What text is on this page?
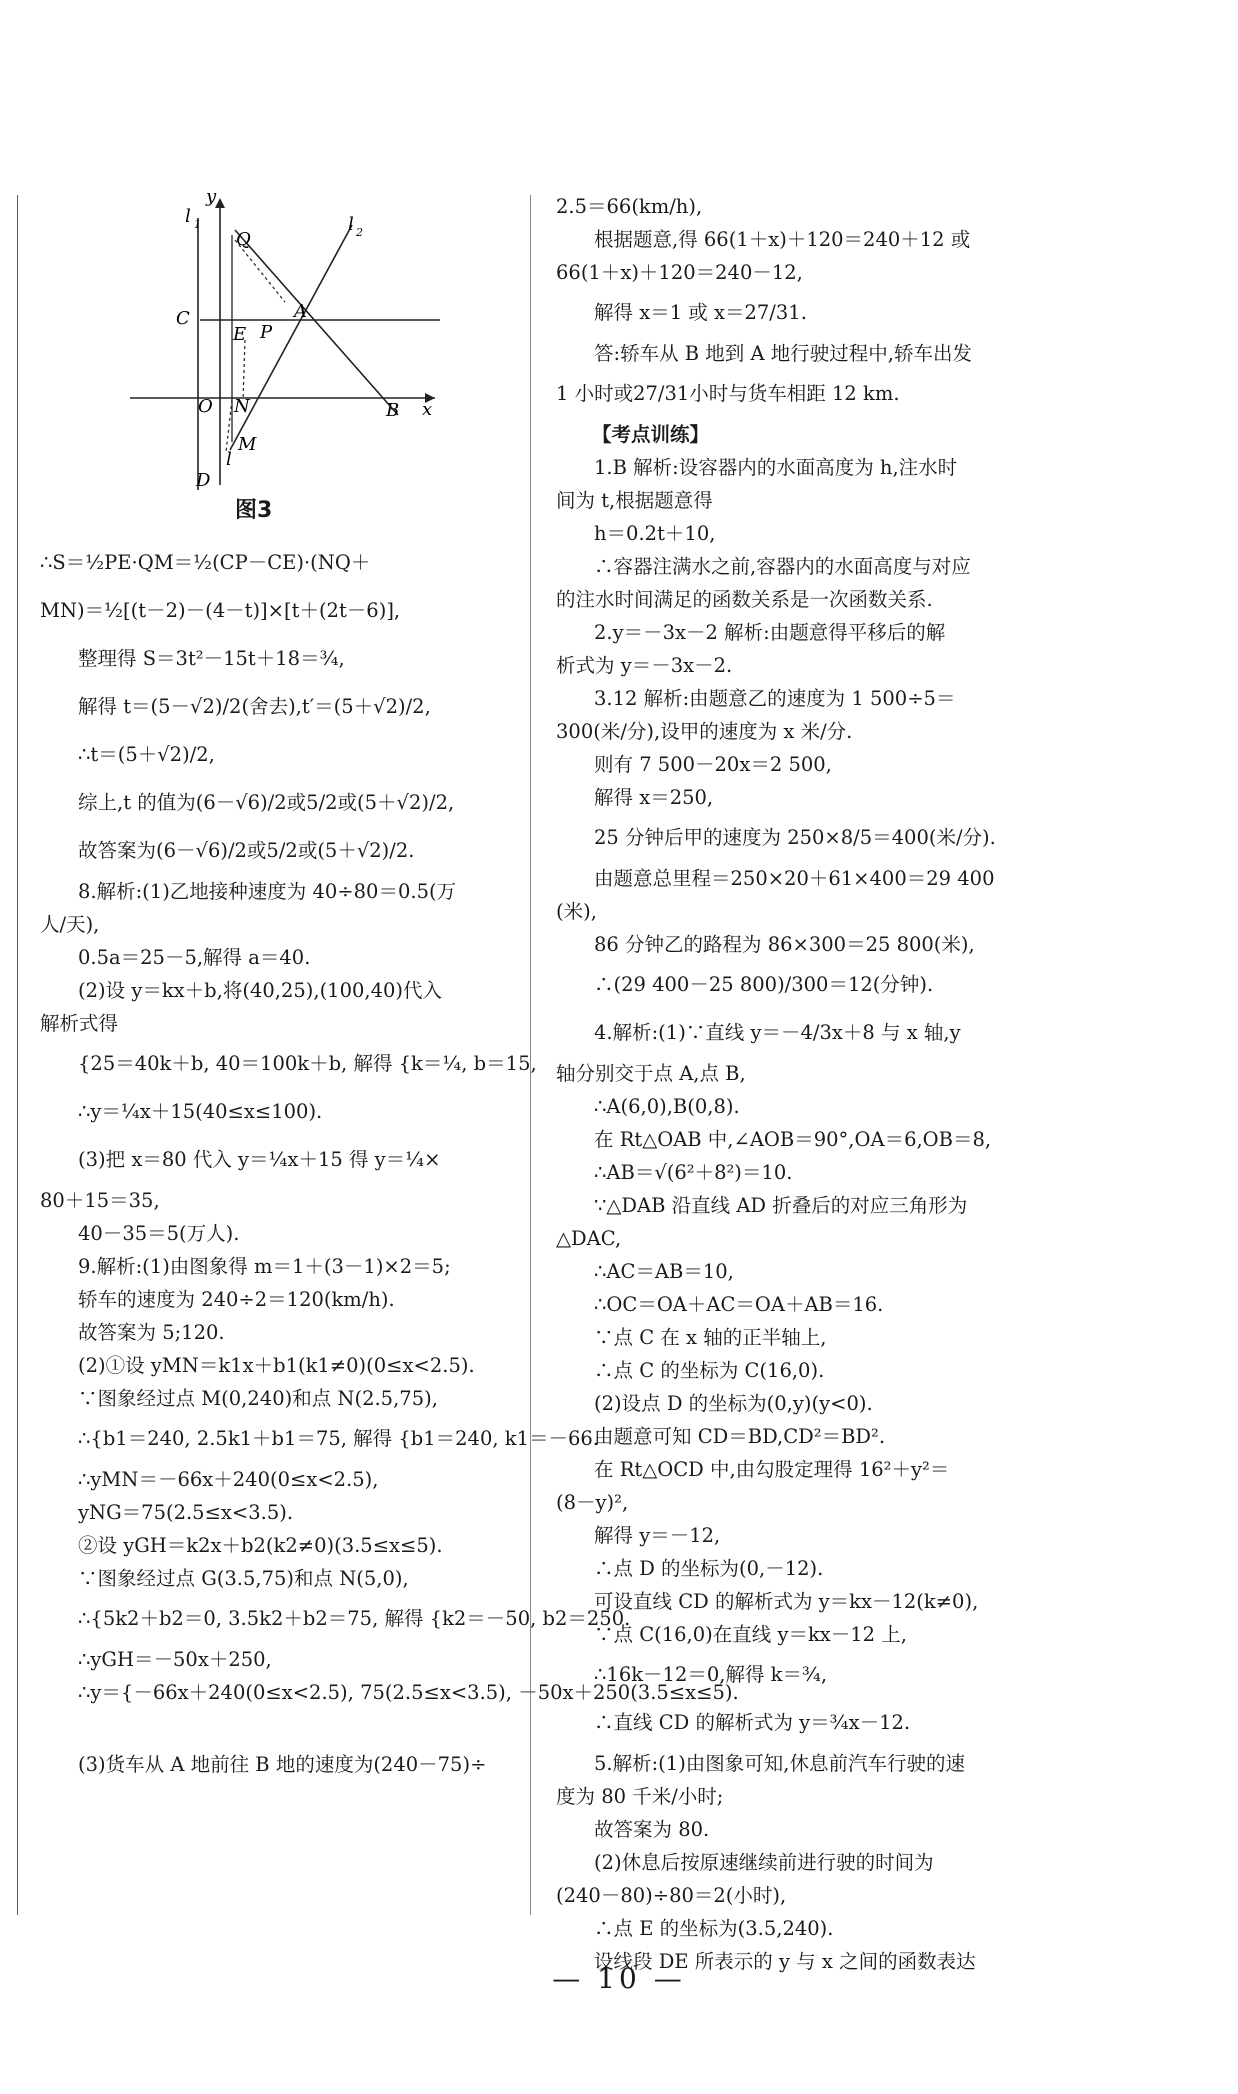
y
l 1	l 2
Q
C
E P
A
O N	B x
M
l
D
图3
∴S＝½PE·QM＝½(CP－CE)·(NQ＋
MN)＝½[(t－2)－(4－t)]×[t＋(2t－6)],
整理得 S＝3t²－15t＋18＝¾,
解得 t＝(5－√2)/2(舍去),t′＝(5＋√2)/2,
∴t＝(5＋√2)/2,
综上,t 的值为(6－√6)/2或5/2或(5＋√2)/2,
故答案为(6－√6)/2或5/2或(5＋√2)/2.
8.解析:(1)乙地接种速度为 40÷80＝0.5(万
人/天),
0.5a＝25－5,解得 a＝40.
(2)设 y＝kx＋b,将(40,25),(100,40)代入
解析式得
{25＝40k＋b, 40＝100k＋b, 解得 {k＝¼, b＝15,
∴y＝¼x＋15(40≤x≤100).
(3)把 x＝80 代入 y＝¼x＋15 得 y＝¼×
80＋15＝35,
40－35＝5(万人).
9.解析:(1)由图象得 m＝1＋(3－1)×2＝5;
轿车的速度为 240÷2＝120(km/h).
故答案为 5;120.
(2)①设 yMN＝k1x＋b1(k1≠0)(0≤x<2.5).
∵图象经过点 M(0,240)和点 N(2.5,75),
∴{b1＝240, 2.5k1＋b1＝75, 解得 {b1＝240, k1＝－66.
∴yMN＝－66x＋240(0≤x<2.5),
yNG＝75(2.5≤x<3.5).
②设 yGH＝k2x＋b2(k2≠0)(3.5≤x≤5).
∵图象经过点 G(3.5,75)和点 N(5,0),
∴{5k2＋b2＝0, 3.5k2＋b2＝75, 解得 {k2＝－50, b2＝250.
∴yGH＝－50x＋250,
∴y＝{－66x＋240(0≤x<2.5), 75(2.5≤x<3.5), －50x＋250(3.5≤x≤5).
(3)货车从 A 地前往 B 地的速度为(240－75)÷
2.5＝66(km/h),
根据题意,得 66(1＋x)＋120＝240＋12 或
66(1＋x)＋120＝240－12,
解得 x＝1 或 x＝27/31.
答:轿车从 B 地到 A 地行驶过程中,轿车出发
1 小时或27/31小时与货车相距 12 km.
【考点训练】
1.B 解析:设容器内的水面高度为 h,注水时
间为 t,根据题意得
h＝0.2t＋10,
∴容器注满水之前,容器内的水面高度与对应
的注水时间满足的函数关系是一次函数关系.
2.y＝－3x－2 解析:由题意得平移后的解
析式为 y＝－3x－2.
3.12 解析:由题意乙的速度为 1 500÷5＝
300(米/分),设甲的速度为 x 米/分.
则有 7 500－20x＝2 500,
解得 x＝250,
25 分钟后甲的速度为 250×8/5＝400(米/分).
由题意总里程＝250×20＋61×400＝29 400
(米),
86 分钟乙的路程为 86×300＝25 800(米),
∴(29 400－25 800)/300＝12(分钟).
4.解析:(1)∵直线 y＝－4/3x＋8 与 x 轴,y
轴分别交于点 A,点 B,
∴A(6,0),B(0,8).
在 Rt△OAB 中,∠AOB＝90°,OA＝6,OB＝8,
∴AB＝√(6²＋8²)＝10.
∵△DAB 沿直线 AD 折叠后的对应三角形为
△DAC,
∴AC＝AB＝10,
∴OC＝OA＋AC＝OA＋AB＝16.
∵点 C 在 x 轴的正半轴上,
∴点 C 的坐标为 C(16,0).
(2)设点 D 的坐标为(0,y)(y<0).
由题意可知 CD＝BD,CD²＝BD².
在 Rt△OCD 中,由勾股定理得 16²＋y²＝
(8－y)²,
解得 y＝－12,
∴点 D 的坐标为(0,－12).
可设直线 CD 的解析式为 y＝kx－12(k≠0),
∵点 C(16,0)在直线 y＝kx－12 上,
∴16k－12＝0,解得 k＝¾,
∴直线 CD 的解析式为 y＝¾x－12.
5.解析:(1)由图象可知,休息前汽车行驶的速
度为 80 千米/小时;
故答案为 80.
(2)休息后按原速继续前进行驶的时间为
(240－80)÷80＝2(小时),
∴点 E 的坐标为(3.5,240).
设线段 DE 所表示的 y 与 x 之间的函数表达
— 10 —
